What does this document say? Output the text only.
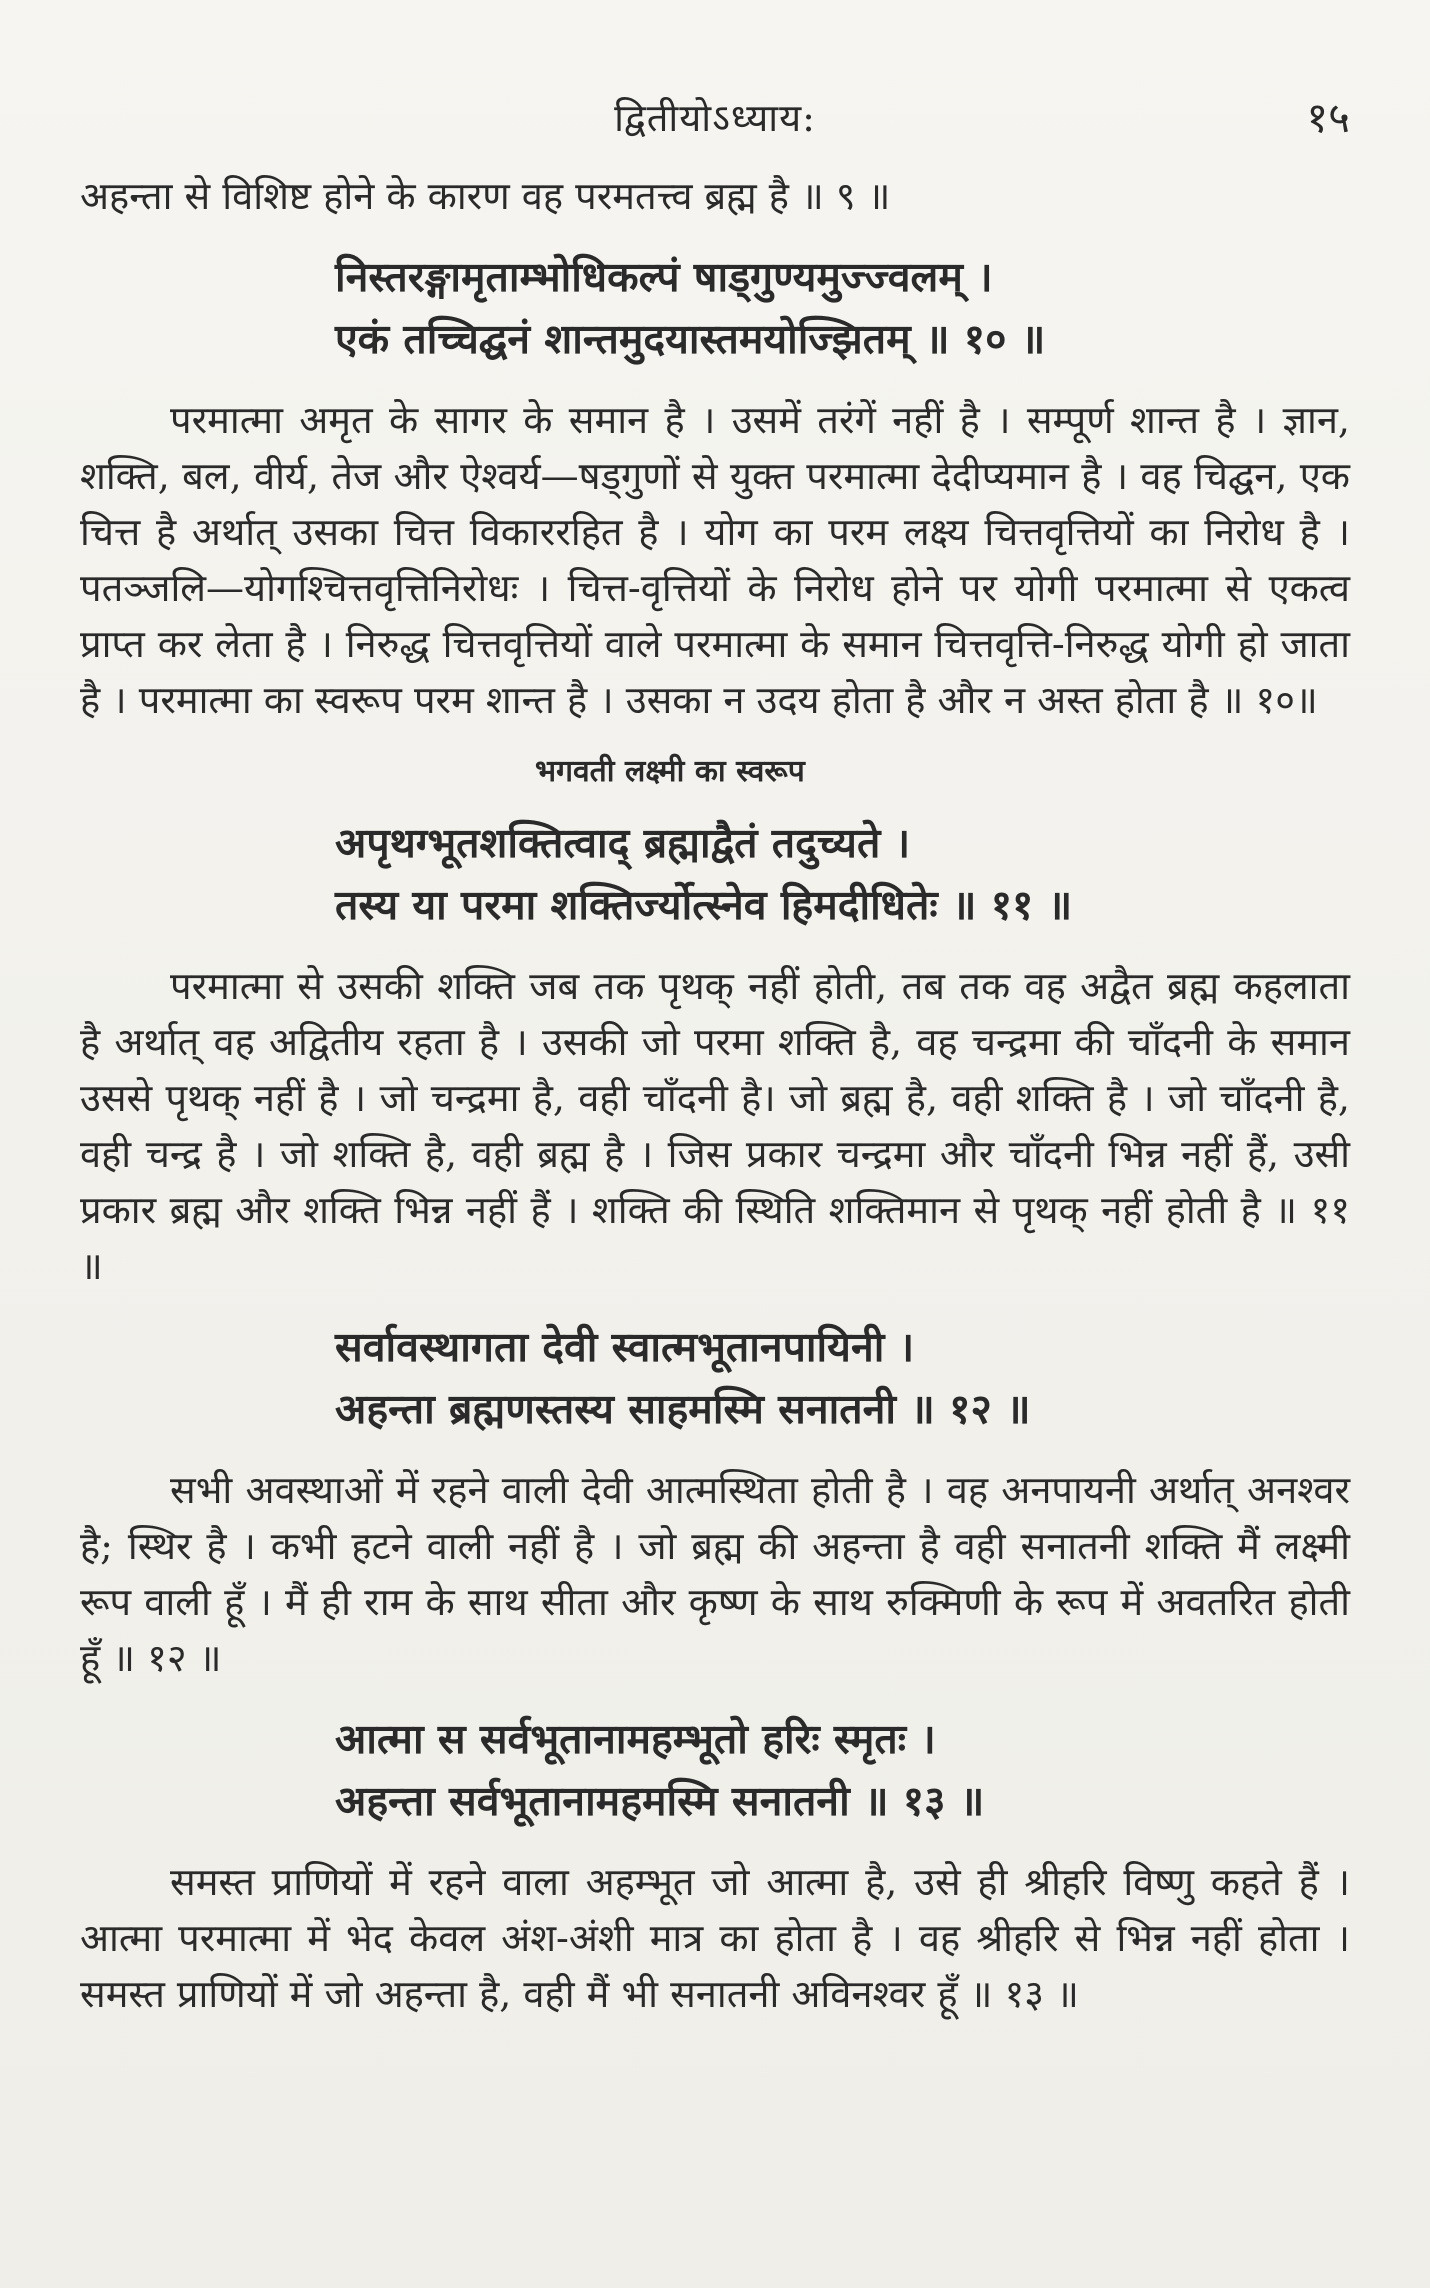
द्वितीयोऽध्याय:	१५

अहन्ता से विशिष्ट होने के कारण वह परमतत्त्व ब्रह्म है ॥ ९ ॥

निस्तरङ्गामृताम्भोधिकल्पं षाड्गुण्यमुज्ज्वलम् ।
एकं तच्चिद्घनं शान्तमुदयास्तमयोज्झितम् ॥ १० ॥

परमात्मा अमृत के सागर के समान है । उसमें तरंगें नहीं है । सम्पूर्ण शान्त है । ज्ञान, शक्ति, बल, वीर्य, तेज और ऐश्वर्य—षड्गुणों से युक्त परमात्मा देदीप्यमान है । वह चिद्घन, एक चित्त है अर्थात् उसका चित्त विकाररहित है । योग का परम लक्ष्य चित्तवृत्तियों का निरोध है । पतञ्जलि—योगश्चित्तवृत्तिनिरोधः । चित्त-वृत्तियों के निरोध होने पर योगी परमात्मा से एकत्व प्राप्त कर लेता है । निरुद्ध चित्तवृत्तियों वाले परमात्मा के समान चित्तवृत्ति-निरुद्ध योगी हो जाता है । परमात्मा का स्वरूप परम शान्त है । उसका न उदय होता है और न अस्त होता है ॥ १०॥

भगवती लक्ष्मी का स्वरूप
अपृथग्भूतशक्तित्वाद् ब्रह्माद्वैतं तदुच्यते ।
तस्य या परमा शक्तिर्ज्योत्स्नेव हिमदीधितेः ॥ ११ ॥

परमात्मा से उसकी शक्ति जब तक पृथक् नहीं होती, तब तक वह अद्वैत ब्रह्म कहलाता है अर्थात् वह अद्वितीय रहता है । उसकी जो परमा शक्ति है, वह चन्द्रमा की चाँदनी के समान उससे पृथक् नहीं है । जो चन्द्रमा है, वही चाँदनी है। जो ब्रह्म है, वही शक्ति है । जो चाँदनी है, वही चन्द्र है । जो शक्ति है, वही ब्रह्म है । जिस प्रकार चन्द्रमा और चाँदनी भिन्न नहीं हैं, उसी प्रकार ब्रह्म और शक्ति भिन्न नहीं हैं । शक्ति की स्थिति शक्तिमान से पृथक् नहीं होती है ॥ ११ ॥

सर्वावस्थागता देवी स्वात्मभूतानपायिनी ।
अहन्ता ब्रह्मणस्तस्य साहमस्मि सनातनी ॥ १२ ॥

सभी अवस्थाओं में रहने वाली देवी आत्मस्थिता होती है । वह अनपायनी अर्थात् अनश्वर है; स्थिर है । कभी हटने वाली नहीं है । जो ब्रह्म की अहन्ता है वही सनातनी शक्ति मैं लक्ष्मी रूप वाली हूँ । मैं ही राम के साथ सीता और कृष्ण के साथ रुक्मिणी के रूप में अवतरित होती हूँ ॥ १२ ॥

आत्मा स सर्वभूतानामहम्भूतो हरिः स्मृतः ।
अहन्ता सर्वभूतानामहमस्मि सनातनी ॥ १३ ॥

समस्त प्राणियों में रहने वाला अहम्भूत जो आत्मा है, उसे ही श्रीहरि विष्णु कहते हैं । आत्मा परमात्मा में भेद केवल अंश-अंशी मात्र का होता है । वह श्रीहरि से भिन्न नहीं होता । समस्त प्राणियों में जो अहन्ता है, वही मैं भी सनातनी अविनश्वर हूँ ॥ १३ ॥
